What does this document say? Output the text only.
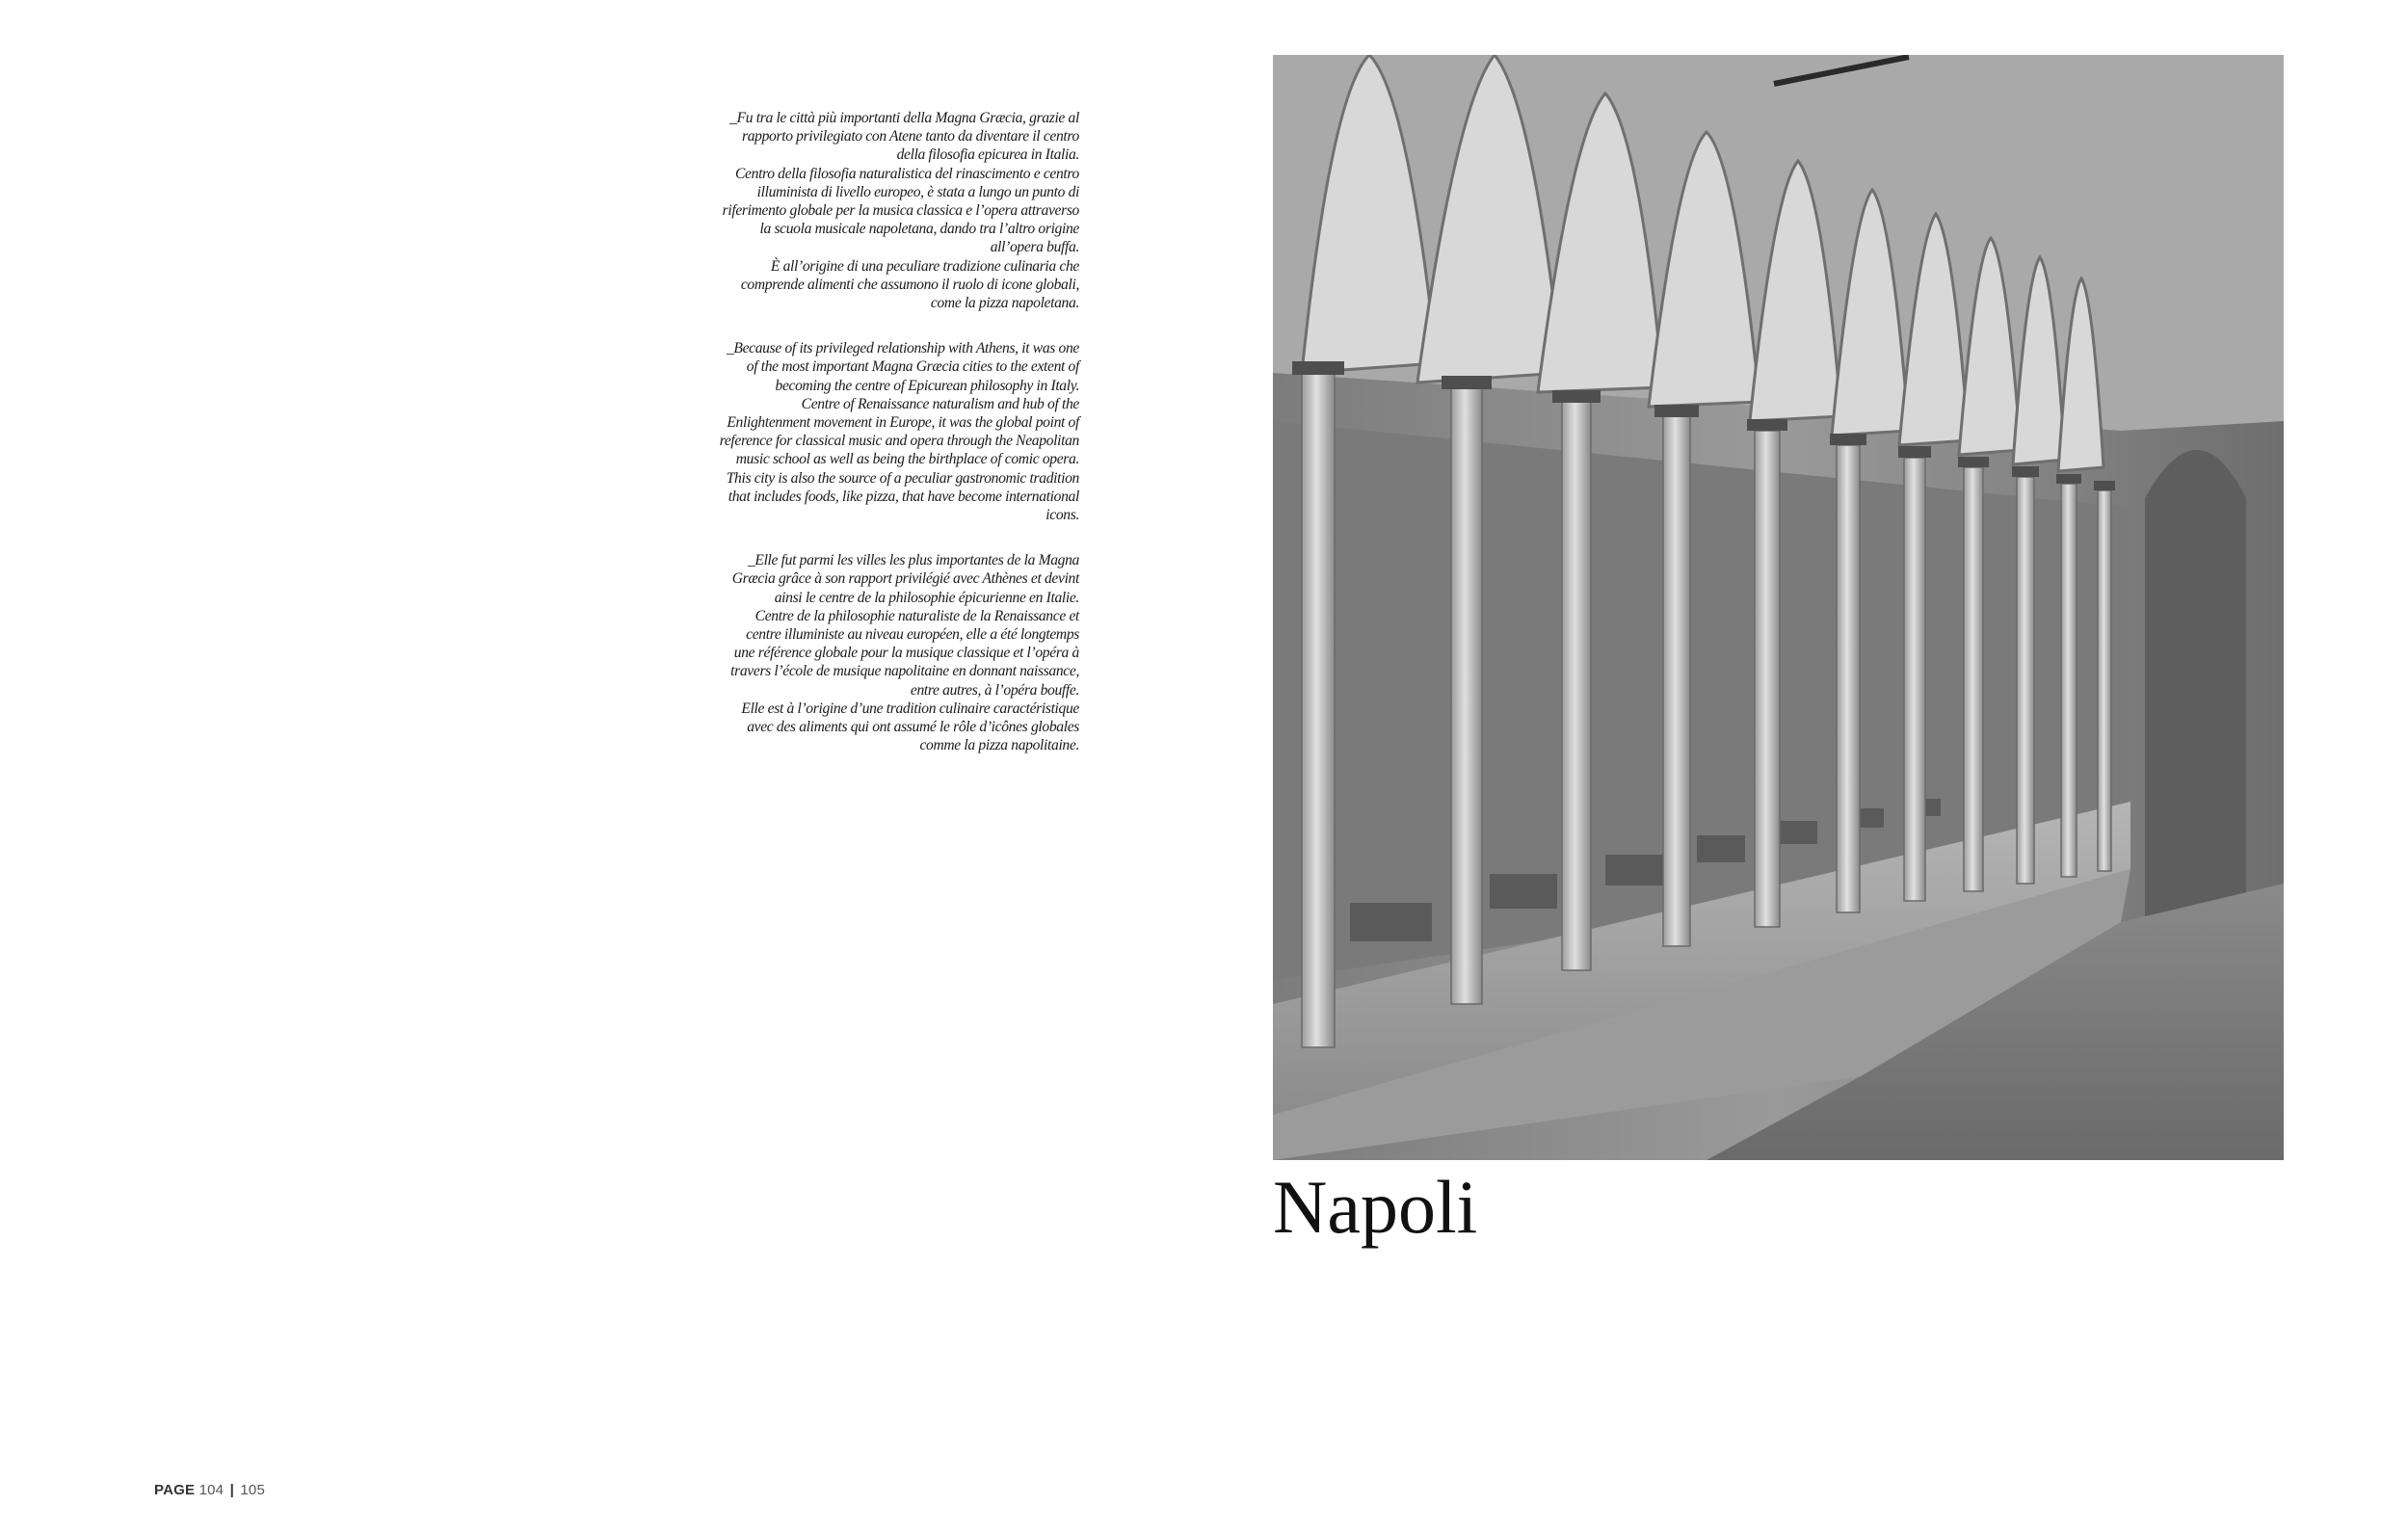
_Fu tra le città più importanti della Magna Græcia, grazie al
rapporto privilegiato con Atene tanto da diventare il centro
della filosofia epicurea in Italia.
Centro della filosofia naturalistica del rinascimento e centro
illuminista di livello europeo, è stata a lungo un punto di
riferimento globale per la musica classica e l’opera attraverso
la scuola musicale napoletana, dando tra l’altro origine
all’opera buffa.
È all’origine di una peculiare tradizione culinaria che
comprende alimenti che assumono il ruolo di icone globali,
come la pizza napoletana.

_Because of its privileged relationship with Athens, it was one
of the most important Magna Græcia cities to the extent of
becoming the centre of Epicurean philosophy in Italy.
Centre of Renaissance naturalism and hub of the
Enlightenment movement in Europe, it was the global point of
reference for classical music and opera through the Neapolitan
music school as well as being the birthplace of comic opera.
This city is also the source of a peculiar gastronomic tradition
that includes foods, like pizza, that have become international
icons.

_Elle fut parmi les villes les plus importantes de la Magna
Græcia grâce à son rapport privilégié avec Athènes et devint
ainsi le centre de la philosophie épicurienne en Italie.
Centre de la philosophie naturaliste de la Renaissance et
centre illuministe au niveau européen, elle a été longtemps
une référence globale pour la musique classique et l’opéra à
travers l’école de musique napolitaine en donnant naissance,
entre autres, à l’opéra bouffe.
Elle est à l’origine d’une tradition culinaire caractéristique
avec des aliments qui ont assumé le rôle d’icônes globales
comme la pizza napolitaine.

Napoli
PAGE 104 | 105
